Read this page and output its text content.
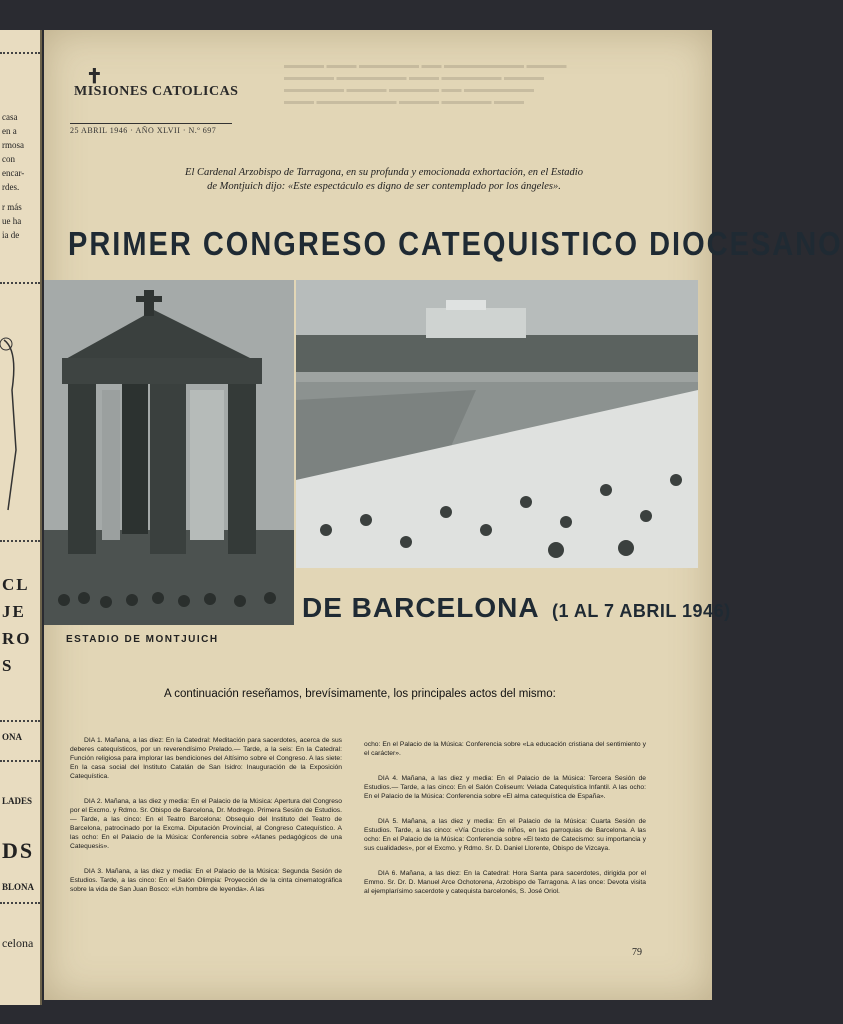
casa
en a
rmosa
con
encar-
rdes.
r más
ue ha
ia de
CL
JE
RO
S
ONA
LADES
DS
BLONA
celona
▬▬▬▬ ▬▬▬ ▬▬▬▬▬▬ ▬▬ ▬▬▬▬▬▬▬▬ ▬▬▬▬
▬▬▬▬▬ ▬▬▬▬▬▬▬ ▬▬▬ ▬▬▬▬▬▬ ▬▬▬▬
▬▬▬▬▬▬ ▬▬▬▬ ▬▬▬▬▬ ▬▬ ▬▬▬▬▬▬▬
▬▬▬ ▬▬▬▬▬▬▬▬ ▬▬▬▬ ▬▬▬▬▬ ▬▬▬
✝
$_{MISIONES CATOLICAS}$
25 ABRIL 1946 · AÑO XLVII · N.º 697
El Cardenal Arzobispo de Tarragona, en su profunda y emocionada exhortación, en el Estadio de Montjuich dijo: «Este espectáculo es digno de ser contemplado por los ángeles».
PRIMER CONGRESO CATEQUISTICO DIOCESANO
DE BARCELONA (1 AL 7 ABRIL 1946)
ESTADIO DE MONTJUICH
A continuación reseñamos, brevísimamente, los principales actos del mismo:

DIA 1. Mañana, a las diez: En la Catedral: Meditación para sacerdotes, acerca de sus deberes catequísticos, por un reverendísimo Prelado.— Tarde, a la seis: En la Catedral: Función religiosa para implorar las bendiciones del Altísimo sobre el Congreso. A las siete: En la casa social del Instituto Catalán de San Isidro: Inauguración de la Exposición Catequística.

DIA 2. Mañana, a las diez y media: En el Palacio de la Música: Apertura del Congreso por el Excmo. y Rdmo. Sr. Obispo de Barcelona, Dr. Modrego. Primera Sesión de Estudios.— Tarde, a las cinco: En el Teatro Barcelona: Obsequio del Instituto del Teatro de Barcelona, patrocinado por la Excma. Diputación Provincial, al Congreso Catequístico. A las ocho: En el Palacio de la Música: Conferencia sobre «Afanes pedagógicos de una Catequesis».

DIA 3. Mañana, a las diez y media: En el Palacio de la Música: Segunda Sesión de Estudios. Tarde, a las cinco: En el Salón Olimpia: Proyección de la cinta cinematográfica sobre la vida de San Juan Bosco: «Un hombre de leyenda». A las

ocho: En el Palacio de la Música: Conferencia sobre «La educación cristiana del sentimiento y el carácter».

DIA 4. Mañana, a las diez y media: En el Palacio de la Música: Tercera Sesión de Estudios.— Tarde, a las cinco: En el Salón Coliseum: Velada Catequística Infantil. A las ocho: En el Palacio de la Música: Conferencia sobre «El alma catequística de España».

DIA 5. Mañana, a las diez y media: En el Palacio de la Música: Cuarta Sesión de Estudios. Tarde, a las cinco: «Vía Crucis» de niños, en las parroquias de Barcelona. A las ocho: En el Palacio de la Música: Conferencia sobre «El texto de Catecismo: su importancia y sus cualidades», por el Excmo. y Rdmo. Sr. D. Daniel Llorente, Obispo de Vizcaya.

DIA 6. Mañana, a las diez: En la Catedral: Hora Santa para sacerdotes, dirigida por el Emmo. Sr. Dr. D. Manuel Arce Ochotorena, Arzobispo de Tarragona. A las once: Devota visita al ejemplarísimo sacerdote y catequista barcelonés, S. José Oriol.

79
